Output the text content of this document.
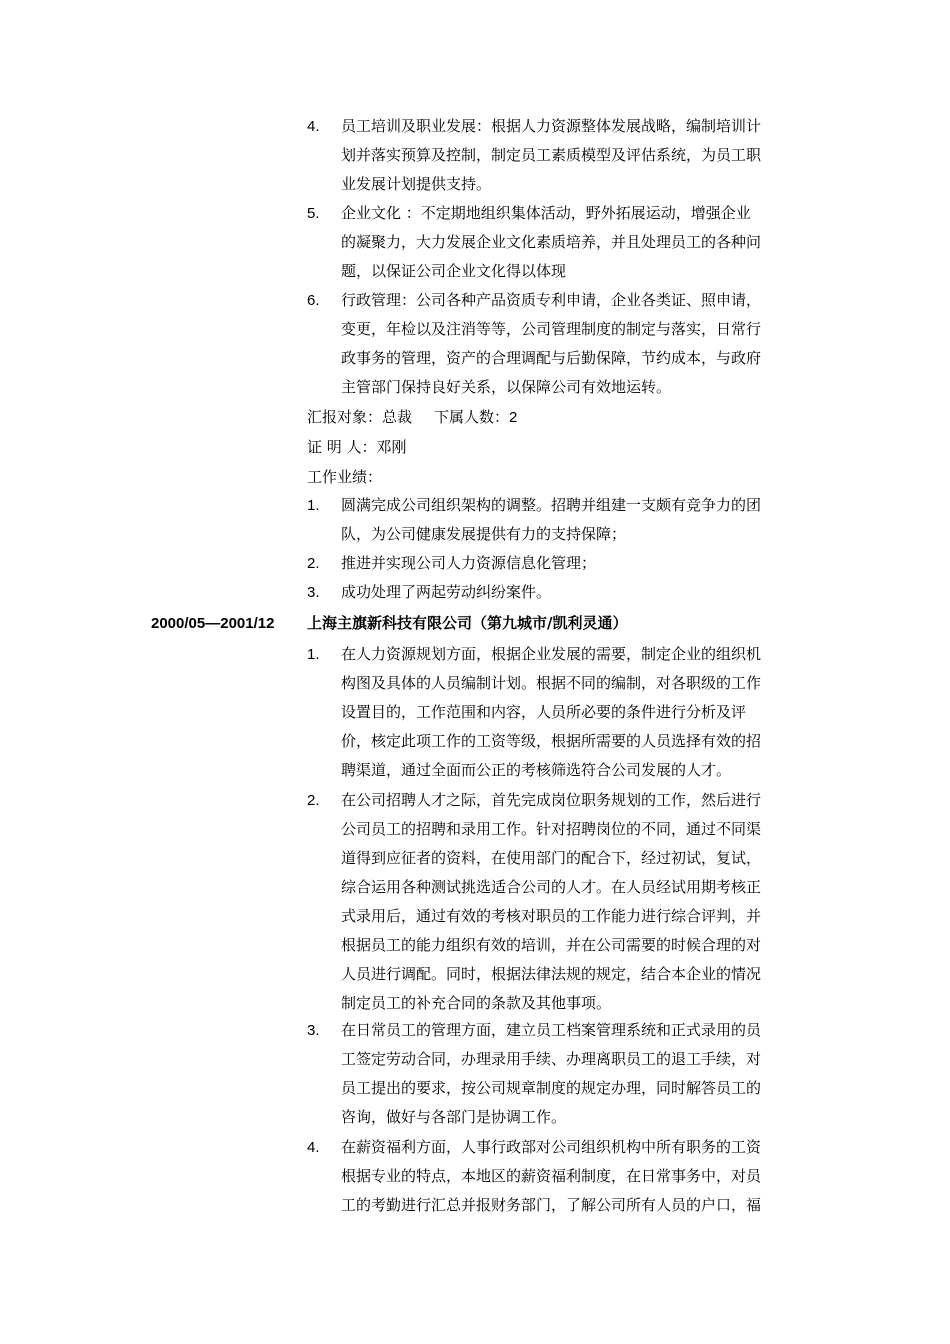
4.	员工培训及职业发展：根据人力资源整体发展战略，编制培训计
划并落实预算及控制，制定员工素质模型及评估系统，为员工职
业发展计划提供支持。
5.	企业文化 ：不定期地组织集体活动，野外拓展运动，增强企业
的凝聚力，大力发展企业文化素质培养，并且处理员工的各种问
题，以保证公司企业文化得以体现
6.	行政管理：公司各种产品资质专利申请，企业各类证、照申请，
变更，年检以及注消等等，公司管理制度的制定与落实，日常行
政事务的管理，资产的合理调配与后勤保障，节约成本，与政府
主管部门保持良好关系，以保障公司有效地运转。
汇报对象：总裁 下属人数：2
证 明 人：邓刚
工作业绩：
1.	圆满完成公司组织架构的调整。招聘并组建一支颇有竞争力的团
队，为公司健康发展提供有力的支持保障；
2.	推进并实现公司人力资源信息化管理；
3.	成功处理了两起劳动纠纷案件。
2000/05—2001/12 上海主旗新科技有限公司（第九城市/凯利灵通）
1.	在人力资源规划方面，根据企业发展的需要，制定企业的组织机
构图及具体的人员编制计划。根据不同的编制，对各职级的工作
设置目的，工作范围和内容，人员所必要的条件进行分析及评
价，核定此项工作的工资等级，根据所需要的人员选择有效的招
聘渠道，通过全面而公正的考核筛选符合公司发展的人才。
2.	在公司招聘人才之际，首先完成岗位职务规划的工作，然后进行
公司员工的招聘和录用工作。针对招聘岗位的不同，通过不同渠
道得到应征者的资料，在使用部门的配合下，经过初试，复试，
综合运用各种测试挑选适合公司的人才。在人员经试用期考核正
式录用后，通过有效的考核对职员的工作能力进行综合评判，并
根据员工的能力组织有效的培训，并在公司需要的时候合理的对
人员进行调配。同时，根据法律法规的规定，结合本企业的情况
制定员工的补充合同的条款及其他事项。
3.	在日常员工的管理方面，建立员工档案管理系统和正式录用的员
工签定劳动合同，办理录用手续、办理离职员工的退工手续，对
员工提出的要求，按公司规章制度的规定办理，同时解答员工的
咨询，做好与各部门是协调工作。
4.	在薪资福利方面，人事行政部对公司组织机构中所有职务的工资
根据专业的特点，本地区的薪资福利制度，在日常事务中，对员
工的考勤进行汇总并报财务部门，了解公司所有人员的户口，福
